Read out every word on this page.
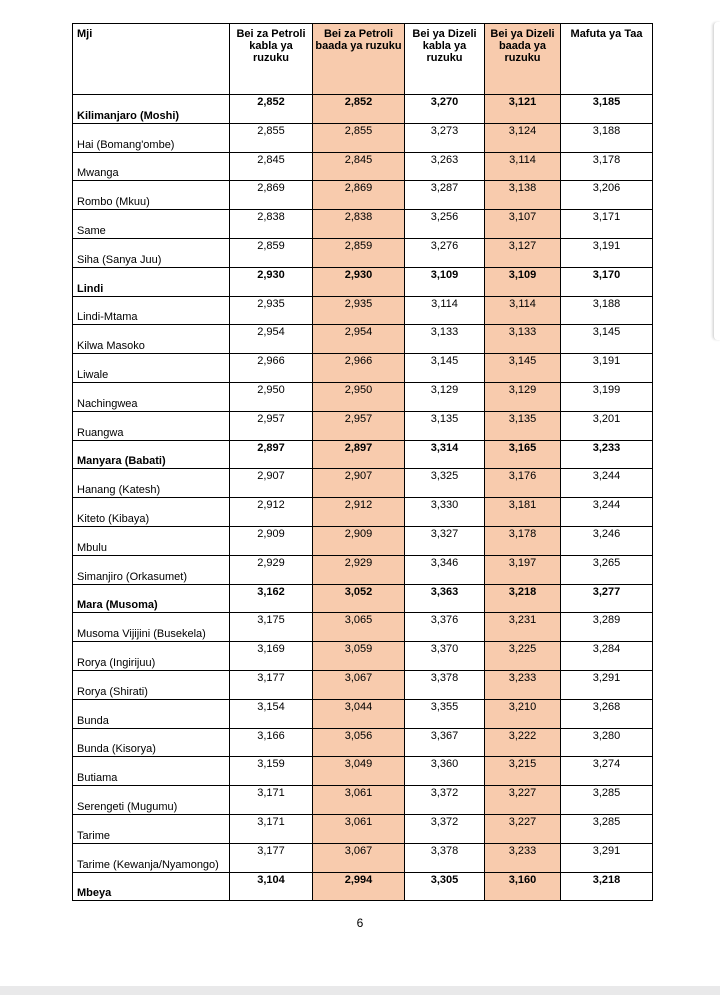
Mji	Bei za Petroli kabla ya ruzuku	Bei za Petroli baada ya ruzuku	Bei ya Dizeli kabla ya ruzuku	Bei ya Dizeli baada ya ruzuku	Mafuta ya Taa
Kilimanjaro (Moshi)	2,852	2,852	3,270	3,121	3,185
Hai (Bomang'ombe)	2,855	2,855	3,273	3,124	3,188
Mwanga	2,845	2,845	3,263	3,114	3,178
Rombo (Mkuu)	2,869	2,869	3,287	3,138	3,206
Same	2,838	2,838	3,256	3,107	3,171
Siha (Sanya Juu)	2,859	2,859	3,276	3,127	3,191
Lindi	2,930	2,930	3,109	3,109	3,170
Lindi-Mtama	2,935	2,935	3,114	3,114	3,188
Kilwa Masoko	2,954	2,954	3,133	3,133	3,145
Liwale	2,966	2,966	3,145	3,145	3,191
Nachingwea	2,950	2,950	3,129	3,129	3,199
Ruangwa	2,957	2,957	3,135	3,135	3,201
Manyara (Babati)	2,897	2,897	3,314	3,165	3,233
Hanang (Katesh)	2,907	2,907	3,325	3,176	3,244
Kiteto (Kibaya)	2,912	2,912	3,330	3,181	3,244
Mbulu	2,909	2,909	3,327	3,178	3,246
Simanjiro (Orkasumet)	2,929	2,929	3,346	3,197	3,265
Mara (Musoma)	3,162	3,052	3,363	3,218	3,277
Musoma Vijijini (Busekela)	3,175	3,065	3,376	3,231	3,289
Rorya (Ingirijuu)	3,169	3,059	3,370	3,225	3,284
Rorya (Shirati)	3,177	3,067	3,378	3,233	3,291
Bunda	3,154	3,044	3,355	3,210	3,268
Bunda (Kisorya)	3,166	3,056	3,367	3,222	3,280
Butiama	3,159	3,049	3,360	3,215	3,274
Serengeti (Mugumu)	3,171	3,061	3,372	3,227	3,285
Tarime	3,171	3,061	3,372	3,227	3,285
Tarime (Kewanja/Nyamongo)	3,177	3,067	3,378	3,233	3,291
Mbeya	3,104	2,994	3,305	3,160	3,218
6
